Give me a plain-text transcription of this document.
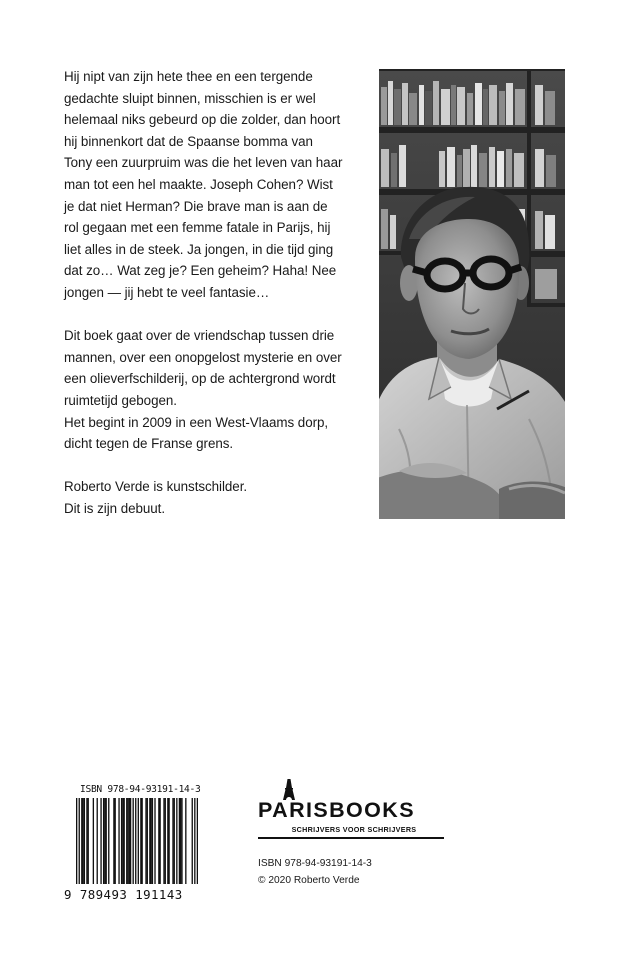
Hij nipt van zijn hete thee en een tergende
gedachte sluipt binnen, misschien is er wel
helemaal niks gebeurd op die zolder, dan hoort
hij binnenkort dat de Spaanse bomma van
Tony een zuurpruim was die het leven van haar
man tot een hel maakte. Joseph Cohen? Wist
je dat niet Herman? Die brave man is aan de
rol gegaan met een femme fatale in Parijs, hij
liet alles in de steek. Ja jongen, in die tijd ging
dat zo… Wat zeg je? Een geheim? Haha! Nee
jongen — jij hebt te veel fantasie…

Dit boek gaat over de vriendschap tussen drie
mannen, over een onopgelost mysterie en over
een olieverfschilderij, op de achtergrond wordt
ruimtetijd gebogen.
Het begint in 2009 in een West-Vlaams dorp,
dicht tegen de Franse grens.

Roberto Verde is kunstschilder.
Dit is zijn debuut.

ISBN 978-94-93191-14-3
9 789493 191143
PARISBOOKS
SCHRIJVERS VOOR SCHRIJVERS
ISBN 978-94-93191-14-3
© 2020 Roberto Verde
